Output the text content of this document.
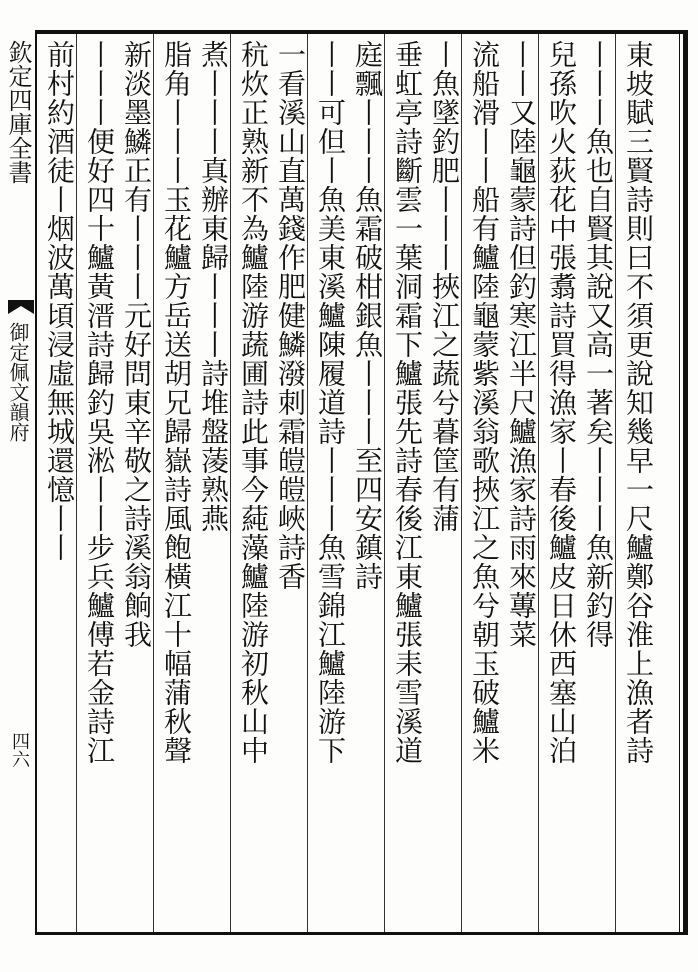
欽定四庫全書
御定佩文韻府
四六	東坡賦三賢詩則曰不須更說知幾早一尺鱸鄭谷淮上漁者詩
丨丨丨魚也自賢其說又高一著矣丨丨丨魚新釣得
兒孫吹火荻花中張翥詩買得漁家丨春後鱸皮日休西塞山泊
丨丨又陸龜蒙詩但釣寒江半尺鱸漁家詩雨來蓴菜
流船滑丨丨船有鱸陸龜蒙紫溪翁歌挾江之魚兮朝玉破鱸米
丨魚墜釣肥丨丨丨挾江之蔬兮暮筐有蒲
垂虹亭詩斷雲一葉洞霜下鱸張先詩春後江東鱸張耒雪溪道
庭飄丨丨丨魚霜破柑銀魚丨丨丨至四安鎮詩
丨丨可但丨魚美東溪鱸陳履道詩丨丨丨魚雪錦江鱸陸游下
一看溪山直萬錢作肥健鱗潑刺霜皚皚峽詩香
秔炊正熟新不為鱸陸游蔬圃詩此事今蒓藻鱸陸游初秋山中
煮丨丨丨真辦東歸丨丨丨詩堆盤蓤熟燕
脂角丨丨丨玉花鱸方岳送胡兄歸嶽詩風飽橫江十幅蒲秋聲
新淡墨鱗正有丨丨丨元好問東辛敬之詩溪翁餉我
丨丨丨便好四十鱸黃溍詩歸釣吳淞丨丨步兵鱸傅若金詩江
前村約酒徒丨烟波萬頃浸虛無城還憶丨丨
